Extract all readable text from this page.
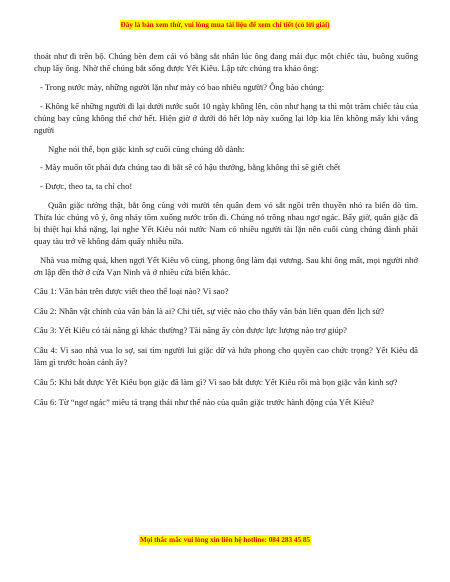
Đây là bản xem thử, vui lòng mua tài liệu để xem chi tiết (có lời giải)

thoát như đi trên bộ. Chúng bèn đem cái vó bằng sắt nhân lúc ông đang mải đục một chiếc tàu, buông xuống chụp lấy ông. Nhờ thế chúng bắt sống được Yết Kiêu. Lập tức chúng tra khảo ông:

- Trong nước mày, những người lặn như mày có bao nhiêu người? Ông bảo chúng:

- Không kể những người đi lại dưới nước suốt 10 ngày không lên, còn như hạng ta thì một trăm chiếc tàu của chúng bay cũng không thể chở hết. Hiện giờ ở dưới đó hết lớp này xuống lại lớp kia lên không mấy khi vắng người

Nghe nói thế, bọn giặc kinh sợ cuối cùng chúng dỗ dành:

- Mày muốn tốt phải đưa chúng tao đi bắt sẽ có hậu thưởng, bằng không thì sẽ giết chết

- Được, theo ta, ta chỉ cho!

Quân giặc tưởng thật, bắt ông cùng với mười tên quân đem vó sắt ngồi trên thuyền nhỏ ra biển dò tìm. Thừa lúc chúng vô ý, ông nhảy tõm xuống nước trốn đi. Chúng nó trông nhau ngơ ngác. Bấy giờ, quân giặc đã bị thiệt hại khá nặng, lại nghe Yết Kiêu nói nước Nam có nhiều người tài lặn nên cuối cùng chúng đành phải quay tàu trở về không dám quấy nhiễu nữa.

Nhà vua mừng quá, khen ngợi Yết Kiêu vô cùng, phong ông làm đại vương. Sau khi ông mất, mọi người nhớ ơn lập đền thờ ở cửa Vạn Ninh và ở nhiều cửa biển khác.

Câu 1: Văn bản trên được viết theo thể loại nào? Vì sao?

Câu 2: Nhân vật chính của văn bản là ai? Chi tiết, sự việc nào cho thấy văn bản liên quan đến lịch sử?

Câu 3: Yết Kiêu có tài năng gì khác thường? Tài năng ấy còn được lực lượng nào trợ giúp?

Câu 4: Vì sao nhà vua lo sợ, sai tìm người lui giặc dữ và hứa phong cho quyền cao chức trọng? Yết Kiêu đã làm gì trước hoàn cảnh ấy?

Câu 5: Khi bắt được Yết Kiêu bọn giặc đã làm gì? Vì sao bắt được Yết Kiêu rồi mà bọn giặc vẫn kinh sợ?

Câu 6: Từ “ngơ ngác” miêu tả trạng thái như thế nào của quân giặc trước hành động của Yết Kiêu?

Mọi thắc mắc vui lòng xin liên hệ hotline: 084 283 45 85
